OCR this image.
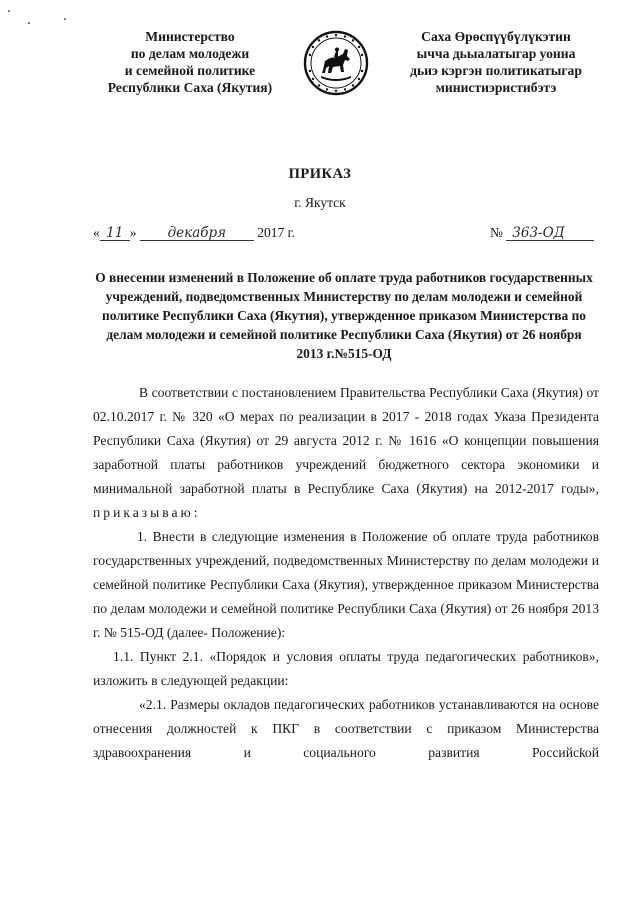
Министерство
по делам молодежи
и семейной политике
Республики Саха (Якутия)
Саха Өрөспүүбүлүкэтин
ычча дьыалатыгар уонна
дьиэ кэргэн политикатыгар
министиэристибэтэ
ПРИКАЗ
г. Якутск
« 11 » декабря 2017 г.	№ 363-ОД
О внесении изменений в Положение об оплате труда работников государственных учреждений, подведомственных Министерству по делам молодежи и семейной политике Республики Саха (Якутия), утвержденное приказом Министерства по делам молодежи и семейной политике Республики Саха (Якутия) от 26 ноября 2013 г.№515-ОД

В соответствии с постановлением Правительства Республики Саха (Якутия) от 02.10.2017 г. № 320 «О мерах по реализации в 2017 - 2018 годах Указа Президента Республики Саха (Якутия) от 29 августа 2012 г. № 1616 «О концепции повышения заработной платы работников учреждений бюджетного сектора экономики и минимальной заработной платы в Республике Саха (Якутия) на 2012-2017 годы», приказываю:

1. Внести в следующие изменения в Положение об оплате труда работников государственных учреждений, подведомственных Министерству по делам молодежи и семейной политике Республики Саха (Якутия), утвержденное приказом Министерства по делам молодежи и семейной политике Республики Саха (Якутия) от 26 ноября 2013 г. № 515-ОД (далее- Положение):

1.1. Пункт 2.1. «Порядок и условия оплаты труда педагогических работников», изложить в следующей редакции:

«2.1. Размеры окладов педагогических работников устанавливаются на основе отнесения должностей к ПКГ в соответствии с приказом Министерства здравоохранения и социального развития Российской
